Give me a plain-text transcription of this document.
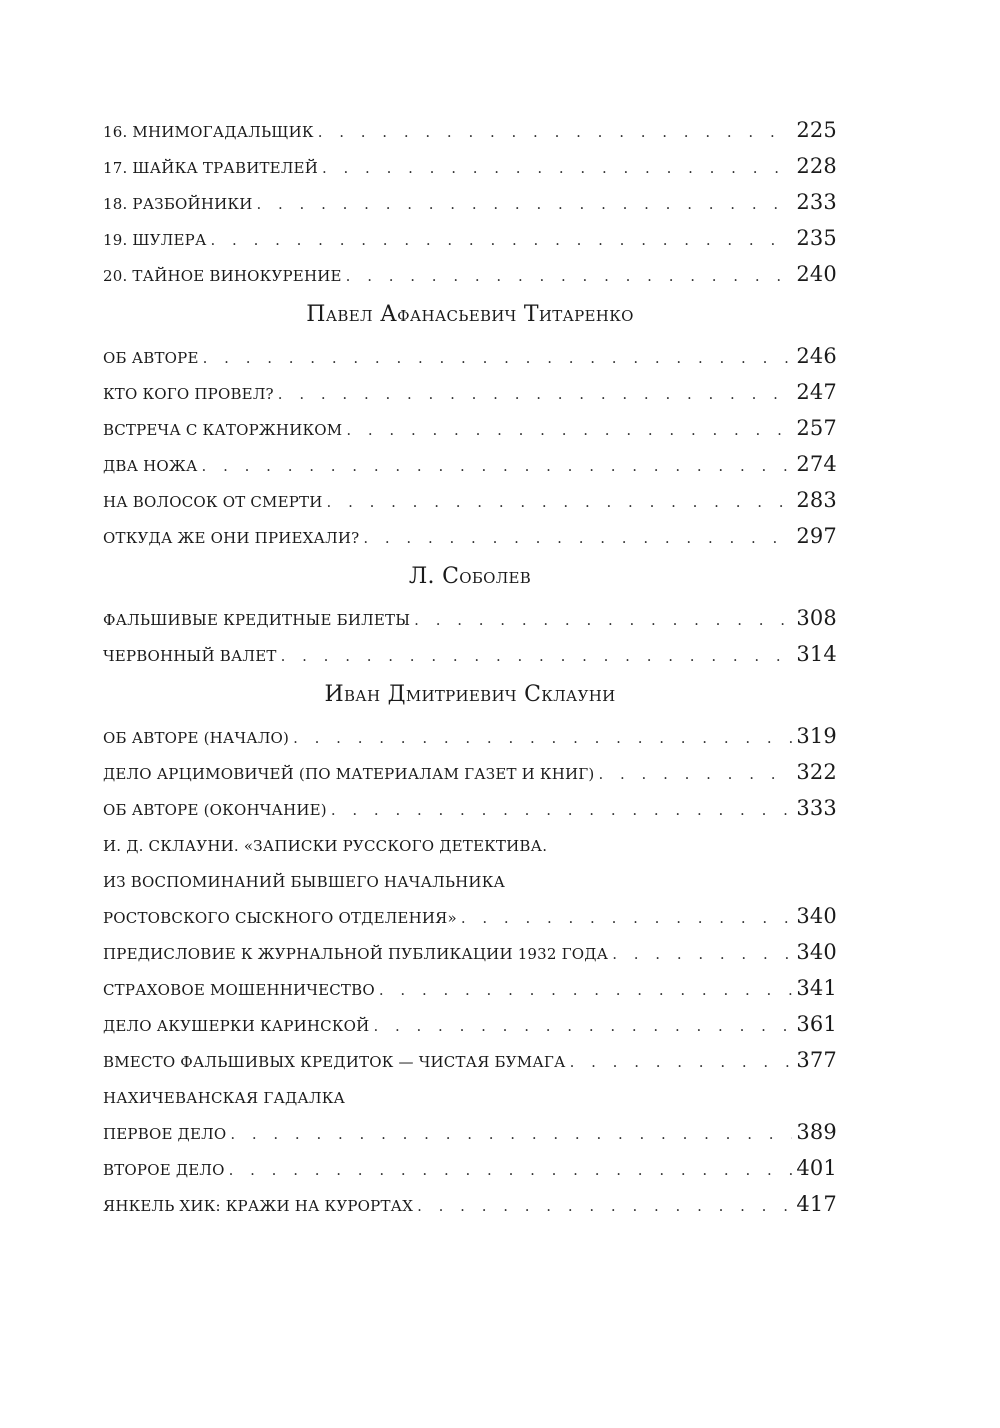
16. Мнимогадальщик . . .	225
17. Шайка травителей . . .	228
18. Разбойники . . .	233
19. Шулера . . .	235
20. Тайное винокурение . . .	240
Павел Афанасьевич Титаренко
Об авторе . . .	246
Кто кого провел? . . .	247
Встреча с каторжником . . .	257
Два ножа . . .	274
На волосок от смерти . . .	283
Откуда же они приехали? . . .	297
Л. Соболев
Фальшивые кредитные билеты . . .	308
Червонный валет . . .	314
Иван Дмитриевич Склауни
Об авторе (начало) . . .	319
Дело Арцимовичей (по материалам газет и книг) . . .	322
Об авторе (окончание) . . .	333
И. Д. Склауни. «Записки русского детектива.
Из воспоминаний бывшего начальника
ростовского сыскного отделения» . . .	340
Предисловие к журнальной публикации 1932 года . . .	340
Страховое мошенничество . . .	341
Дело акушерки Каринской . . .	361
Вместо фальшивых кредиток — чистая бумага . . .	377
Нахичеванская гадалка
Первое дело . . .	389
Второе дело . . .	401
Янкель Хик: кражи на курортах . . .	417
